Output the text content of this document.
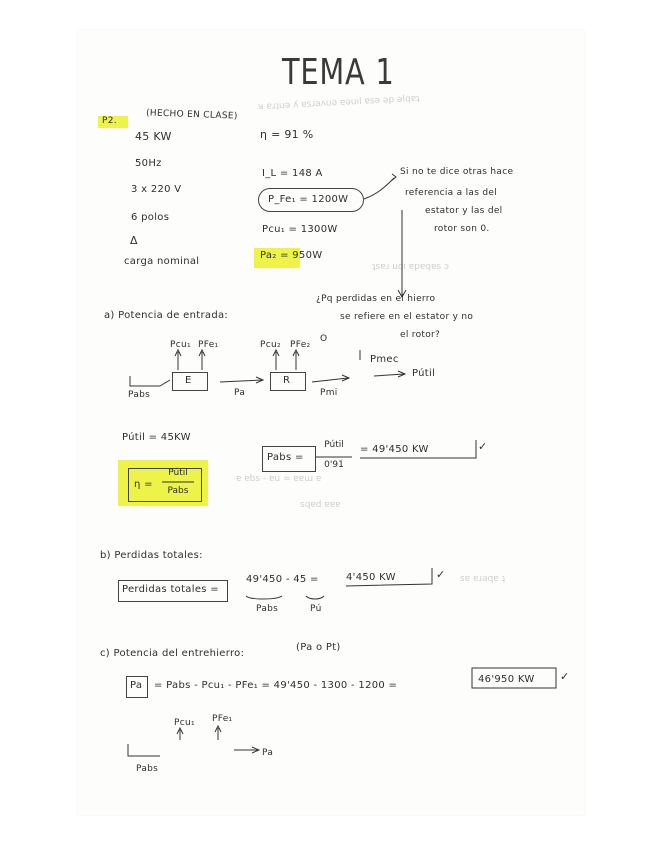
TEMA 1
ᴚ ɐɹʇuǝ ʎ ɐsɹǝʌuǝ ɐǝuıl ɐsǝ ǝp ǝlqɐʇ
ʇsɐɹ uoı ɐpɐqɐs ɔ
sɐ ɐɹǝqɐ ʇ
ɐ ɐbs - ɐu = ɐɐɯ ɐ
sqɐd ɐɐɐ
P2.	(HECHO EN CLASE)
45 KW
50Hz
3 x 220 V
6 polos
Δ
carga nominal
η = 91 %
I_L = 148 A
P_Fe₁ = 1200W
Pcu₁ = 1300W
Pa₂ = 950W
Si no te dice otras hace
referencia a las del
estator y las del
rotor son 0.
a) Potencia de entrada:
¿Pq perdidas en el hierro
se refiere en el estator y no
el rotor?
Pcu₁ PFe₁	Pcu₂ PFe₂
O
E	R
Pabs	Pa	Pmi
Pmec
Pútil
Pútil = 45KW
η =
Pútil
Pabs
Pabs =
Pútil
0'91
= 49'450 KW	✓
b) Perdidas totales:
Perdidas totales =
49'450 - 45 =	4'450 KW	✓
Pabs	Pú
c) Potencia del entrehierro:
(Pa o Pt)
Pa = Pabs - Pcu₁ - PFe₁ = 49'450 - 1300 - 1200 =
46'950 KW ✓
Pcu₁ PFe₁
Pa
Pabs
